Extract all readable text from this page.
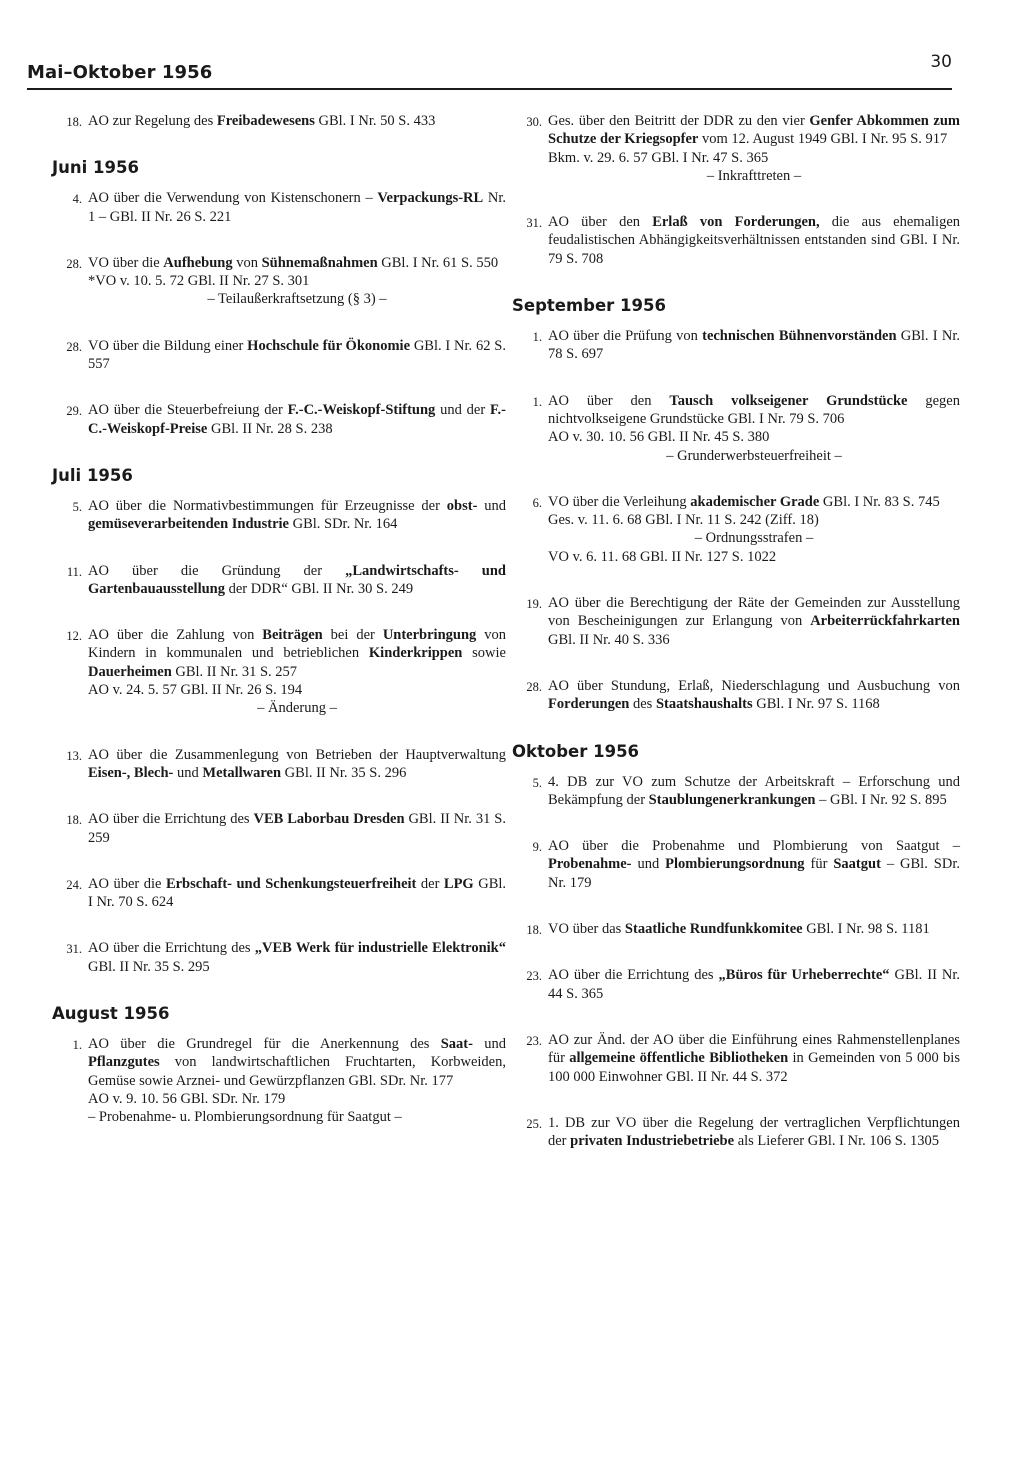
Mai–Oktober 1956	30
18. AO zur Regelung des Freibadewesens GBl. I Nr. 50 S. 433
Juni 1956
4. AO über die Verwendung von Kistenschonern – Verpackungs-RL Nr. 1 – GBl. II Nr. 26 S. 221
28. VO über die Aufhebung von Sühnemaßnahmen GBl. I Nr. 61 S. 550
*VO v. 10. 5. 72 GBl. II Nr. 27 S. 301
– Teilaußerkraftsetzung (§ 3) –
28. VO über die Bildung einer Hochschule für Ökonomie GBl. I Nr. 62 S. 557
29. AO über die Steuerbefreiung der F.-C.-Weiskopf-Stiftung und der F.-C.-Weiskopf-Preise GBl. II Nr. 28 S. 238
Juli 1956
5. AO über die Normativbestimmungen für Erzeugnisse der obst- und gemüseverarbeitenden Industrie GBl. SDr. Nr. 164
11. AO über die Gründung der „Landwirtschafts- und Gartenbauausstellung der DDR“ GBl. II Nr. 30 S. 249
12. AO über die Zahlung von Beiträgen bei der Unterbringung von Kindern in kommunalen und betrieblichen Kinderkrippen sowie Dauerheimen GBl. II Nr. 31 S. 257
AO v. 24. 5. 57 GBl. II Nr. 26 S. 194
– Änderung –
13. AO über die Zusammenlegung von Betrieben der Hauptverwaltung Eisen-, Blech- und Metallwaren GBl. II Nr. 35 S. 296
18. AO über die Errichtung des VEB Laborbau Dresden GBl. II Nr. 31 S. 259
24. AO über die Erbschaft- und Schenkungsteuerfreiheit der LPG GBl. I Nr. 70 S. 624
31. AO über die Errichtung des „VEB Werk für industrielle Elektronik“ GBl. II Nr. 35 S. 295
August 1956
1. AO über die Grundregel für die Anerkennung des Saat- und Pflanzgutes von landwirtschaftlichen Fruchtarten, Korbweiden, Gemüse sowie Arznei- und Gewürzpflanzen GBl. SDr. Nr. 177
AO v. 9. 10. 56 GBl. SDr. Nr. 179
– Probenahme- u. Plombierungsordnung für Saatgut –
30. Ges. über den Beitritt der DDR zu den vier Genfer Abkommen zum Schutze der Kriegsopfer vom 12. August 1949 GBl. I Nr. 95 S. 917
Bkm. v. 29. 6. 57 GBl. I Nr. 47 S. 365
– Inkrafttreten –
31. AO über den Erlaß von Forderungen, die aus ehemaligen feudalistischen Abhängigkeitsverhältnissen entstanden sind GBl. I Nr. 79 S. 708
September 1956
1. AO über die Prüfung von technischen Bühnenvorständen GBl. I Nr. 78 S. 697
1. AO über den Tausch volkseigener Grundstücke gegen nichtvolkseigene Grundstücke GBl. I Nr. 79 S. 706
AO v. 30. 10. 56 GBl. II Nr. 45 S. 380
– Grunderwerbsteuerfreiheit –
6. VO über die Verleihung akademischer Grade GBl. I Nr. 83 S. 745
Ges. v. 11. 6. 68 GBl. I Nr. 11 S. 242 (Ziff. 18)
– Ordnungsstrafen –
VO v. 6. 11. 68 GBl. II Nr. 127 S. 1022
19. AO über die Berechtigung der Räte der Gemeinden zur Ausstellung von Bescheinigungen zur Erlangung von Arbeiterrückfahrkarten GBl. II Nr. 40 S. 336
28. AO über Stundung, Erlaß, Niederschlagung und Ausbuchung von Forderungen des Staatshaushalts GBl. I Nr. 97 S. 1168
Oktober 1956
5. 4. DB zur VO zum Schutze der Arbeitskraft – Erforschung und Bekämpfung der Staublungenerkrankungen – GBl. I Nr. 92 S. 895
9. AO über die Probenahme und Plombierung von Saatgut – Probenahme- und Plombierungsordnung für Saatgut – GBl. SDr. Nr. 179
18. VO über das Staatliche Rundfunkkomitee GBl. I Nr. 98 S. 1181
23. AO über die Errichtung des „Büros für Urheberrechte“ GBl. II Nr. 44 S. 365
23. AO zur Änd. der AO über die Einführung eines Rahmenstellenplanes für allgemeine öffentliche Bibliotheken in Gemeinden von 5 000 bis 100 000 Einwohner GBl. II Nr. 44 S. 372
25. 1. DB zur VO über die Regelung der vertraglichen Verpflichtungen der privaten Industriebetriebe als Lieferer GBl. I Nr. 106 S. 1305
